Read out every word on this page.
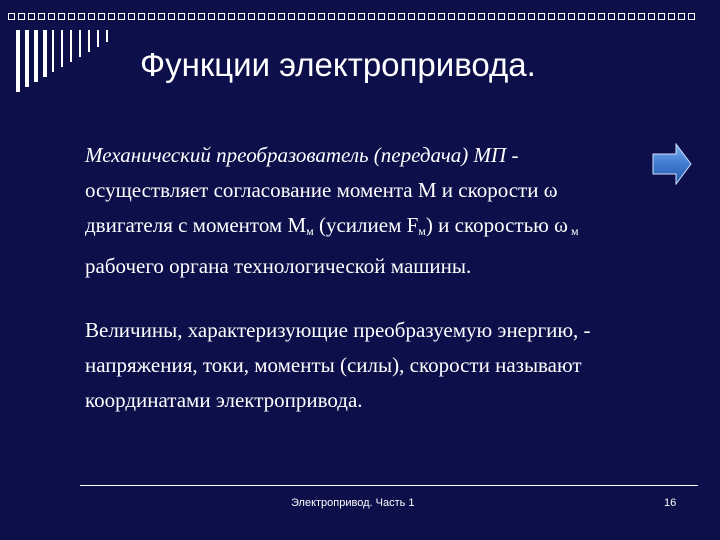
Функции электропривода.

Механический преобразователь (передача) МП -
осуществляет согласование момента М и скорости ω
двигателя с моментом $М_м$ (усилием $F_м$) и скоростью ω м
рабочего органа технологической машины.

Величины, характеризующие преобразуемую энергию, -
напряжения, токи, моменты (силы), скорости называют
координатами электропривода.

Электропривод. Часть 1	16
